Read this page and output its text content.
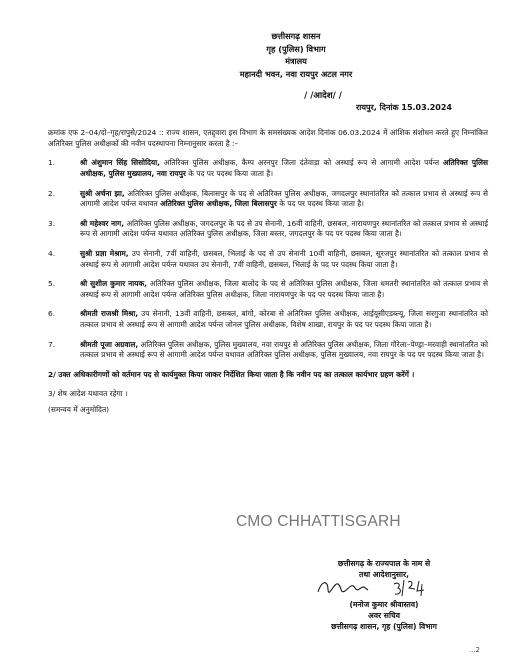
छत्तीसगढ़ शासन
गृह (पुलिस) विभाग
मंत्रालय
महानदी भवन, नवा रायपुर अटल नगर
/ /आदेश/ /
रायपुर, दिनांक 15.03.2024
क्रमांक एफ 2–04/दो–गृह/रापुसे/2024 :: राज्य शासन, एतद्द्वारा इस विभाग के समसंख्यक आदेश दिनांक 06.03.2024 में आंशिक संशोधन करते हुए निम्नांकित अतिरिक्त पुलिस अधीक्षकों की नवीन पदस्थापना निम्नानुसार करता है :–
1.	श्री अंशुमान सिंह सिसोदिया, अतिरिक्त पुलिस अधीक्षक, कैम्प अरनपुर जिला दंतेवाड़ा को अस्थाई रूप से आगामी आदेश पर्यन्त अतिरिक्त पुलिस अधीक्षक, पुलिस मुख्यालय, नवा रायपुर के पद पर पदस्थ किया जाता है।
2.	सुश्री अर्चना झा, अतिरिक्त पुलिस अधीक्षक, बिलासपुर के पद से अतिरिक्त पुलिस अधीक्षक, जगदलपुर स्थानांतरित को तत्काल प्रभाव से अस्थाई रूप से आगामी आदेश पर्यन्त यथावत अतिरिक्त पुलिस अधीक्षक, जिला बिलासपुर के पद पर पदस्थ किया जाता है।
3.	श्री महेश्वर नाग, अतिरिक्त पुलिस अधीक्षक, जगदलपुर के पद से उप सेनानी, 16वीं वाहिनी, छसबल, नारायणपुर स्थानांतरित को तत्काल प्रभाव से अस्थाई रूप से आगामी आदेश पर्यन्त यथावत अतिरिक्त पुलिस अधीक्षक, जिला बस्तर, जगदलपुर के पद पर पदस्थ किया जाता है।
4.	सुश्री प्रज्ञा मेश्राम, उप सेनानी, 7वीं वाहिनी, छसबल, भिलाई के पद से उप सेनानी 10वीं वाहिनी, छसबल, सूरजपुर स्थानांतरित को तत्काल प्रभाव से अस्थाई रूप से आगामी आदेश पर्यन्त यथावत उप सेनानी, 7वीं वाहिनी, छसबल, भिलाई के पद पर पदस्थ किया जाता है।
5.	श्री सुशील कुमार नायक, अतिरिक्त पुलिस अधीक्षक, जिला बालोद के पद से अतिरिक्त पुलिस अधीक्षक, जिला धमतरी स्थानांतरित को तत्काल प्रभाव से अस्थाई रूप से आगामी आदेश पर्यन्त अतिरिक्त पुलिस अधीक्षक, जिला नारायणपुर के पद पर पदस्थ किया जाता है।
6.	श्रीमती राजश्री मिश्रा, उप सेनानी, 13वीं वाहिनी, छसबल, बांगो, कोरबा से अतिरिक्त पुलिस अधीक्षक, आईयूसीएडब्ल्यू, जिला सरगुजा स्थानांतरित को तत्काल प्रभाव से अस्थाई रूप से आगामी आदेश पर्यन्त जोनल पुलिस अधीक्षक, विशेष शाखा, रायपुर के पद पर पदस्थ किया जाता है।
7.	श्रीमती पूजा अग्रवाल, अतिरिक्त पुलिस अधीक्षक, पुलिस मुख्यालय, नवा रायपुर से अतिरिक्त पुलिस अधीक्षक, जिला गौरेला–पेण्ड्रा–मरवाही स्थानांतरित को तत्काल प्रभाव से अस्थाई रूप से आगामी आदेश पर्यन्त यथावत अतिरिक्त पुलिस अधीक्षक, पुलिस मुख्यालय, नवा रायपुर के पद पर पदस्थ किया जाता है।
2/ उक्त अधिकारीगणों को वर्तमान पद से कार्यमुक्त किया जाकर निर्देशित किया जाता है कि नवीन पद का तत्काल कार्यभार ग्रहण करेंगें ।
3/ शेष आदेश यथावत रहेगा ।
(समन्वय में अनुमोदित)
CMO CHHATTISGARH
छत्तीसगढ़ के राज्यपाल के नाम से
तथा आदेशानुसार,
(मनोज कुमार श्रीवास्तव)
अवर सचिव
छत्तीसगढ़ शासन, गृह (पुलिस) विभाग
...2
